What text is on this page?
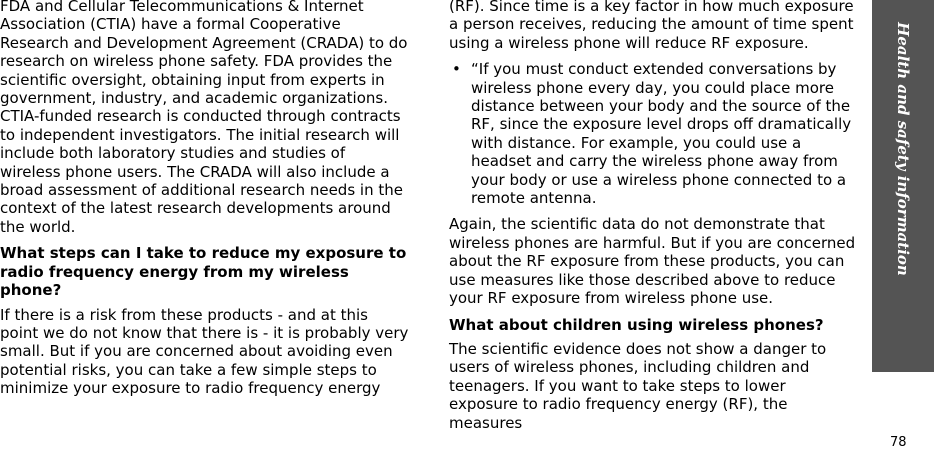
FDA and Cellular Telecommunications & Internet Association (CTIA) have a formal Cooperative Research and Development Agreement (CRADA) to do research on wireless phone safety. FDA provides the scientific oversight, obtaining input from experts in government, industry, and academic organizations. CTIA-funded research is conducted through contracts to independent investigators. The initial research will include both laboratory studies and studies of wireless phone users. The CRADA will also include a broad assessment of additional research needs in the context of the latest research developments around the world.

What steps can I take to reduce my exposure to radio frequency energy from my wireless phone?

If there is a risk from these products - and at this point we do not know that there is - it is probably very small. But if you are concerned about avoiding even potential risks, you can take a few simple steps to minimize your exposure to radio frequency energy

(RF). Since time is a key factor in how much exposure a person receives, reducing the amount of time spent using a wireless phone will reduce RF exposure.

• “If you must conduct extended conversations by wireless phone every day, you could place more distance between your body and the source of the RF, since the exposure level drops off dramatically with distance. For example, you could use a headset and carry the wireless phone away from your body or use a wireless phone connected to a remote antenna.

Again, the scientific data do not demonstrate that wireless phones are harmful. But if you are concerned about the RF exposure from these products, you can use measures like those described above to reduce your RF exposure from wireless phone use.

What about children using wireless phones?

The scientific evidence does not show a danger to users of wireless phones, including children and teenagers. If you want to take steps to lower exposure to radio frequency energy (RF), the measures

Health and safety information
78
